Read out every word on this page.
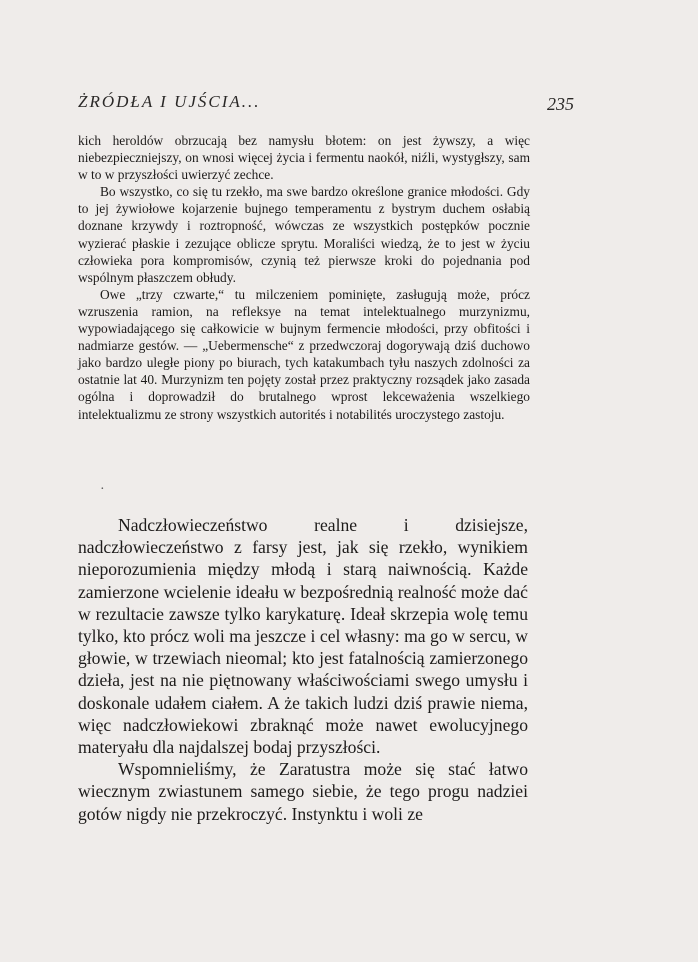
ŻRÓDŁA I UJŚCIA...	235

kich heroldów obrzucają bez namysłu błotem: on jest żywszy, a więc niebezpieczniejszy, on wnosi więcej życia i fermentu naokół, niźli, wystygłszy, sam w to w przyszłości uwierzyć zechce.

Bo wszystko, co się tu rzekło, ma swe bardzo określone granice młodości. Gdy to jej żywiołowe kojarzenie bujnego temperamentu z bystrym duchem osłabią doznane krzywdy i roztropność, wówczas ze wszystkich postępków pocznie wyzierać płaskie i zezujące oblicze sprytu. Moraliści wiedzą, że to jest w życiu człowieka pora kompromisów, czynią też pierwsze kroki do pojednania pod wspólnym płaszczem obłudy.

Owe „trzy czwarte,“ tu milczeniem pominięte, zasługują może, prócz wzruszenia ramion, na refleksye na temat intelektualnego murzynizmu, wypowiadającego się całkowicie w bujnym fermencie młodości, przy obfitości i nadmiarze gestów. — „Uebermensche“ z przedwczoraj dogorywają dziś duchowo jako bardzo uległe piony po biurach, tych katakumbach tyłu naszych zdolności za ostatnie lat 40. Murzynizm ten pojęty został przez praktyczny rozsądek jako zasada ogólna i doprowadził do brutalnego wprost lekceważenia wszelkiego intelektualizmu ze strony wszystkich autorités i notabilités uroczystego zastoju.

·

Nadczłowieczeństwo realne i dzisiejsze, nadczłowieczeństwo z farsy jest, jak się rzekło, wynikiem nieporozumienia między młodą i starą naiwnością. Każde zamierzone wcielenie ideału w bezpośrednią realność może dać w rezultacie zawsze tylko karykaturę. Ideał skrzepia wolę temu tylko, kto prócz woli ma jeszcze i cel własny: ma go w sercu, w głowie, w trzewiach nieomal; kto jest fatalnością zamierzonego dzieła, jest na nie piętnowany właściwościami swego umysłu i doskonale udałem ciałem. A że takich ludzi dziś prawie niema, więc nadczłowiekowi zbraknąć może nawet ewolucyjnego materyału dla najdalszej bodaj przyszłości.

Wspomnieliśmy, że Zaratustra może się stać łatwo wiecznym zwiastunem samego siebie, że tego progu nadziei gotów nigdy nie przekroczyć. Instynktu i woli ze
